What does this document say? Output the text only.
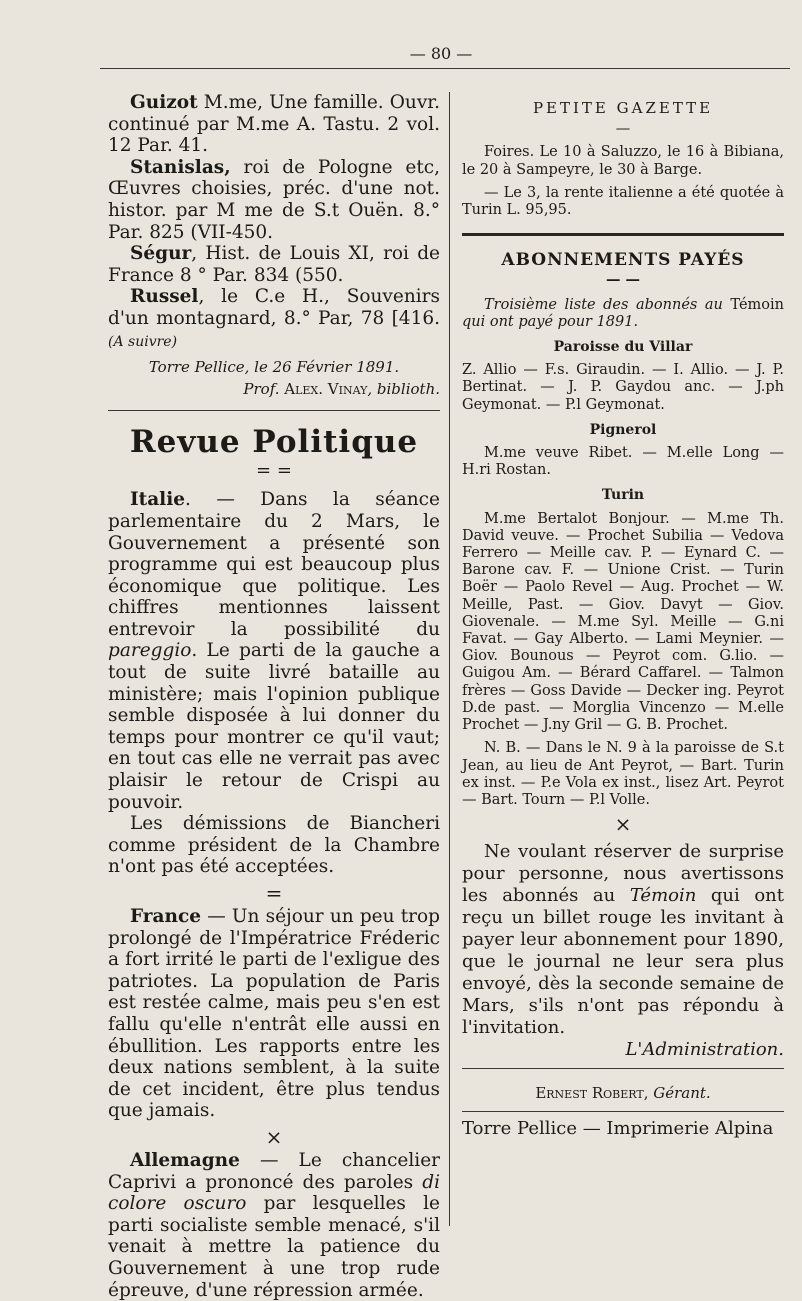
— 80 —

Guizot M.me, Une famille. Ouvr. continué par M.me A. Tastu. 2 vol. 12 Par. 41.

Stanislas, roi de Pologne etc, Œuvres choisies, préc. d'une not. histor. par M me de S.t Ouën. 8.° Par. 825 (VII-450.

Ségur, Hist. de Louis XI, roi de France 8 ° Par. 834 (550.

Russel, le C.e H., Souvenirs d'un montagnard, 8.° Par, 78 [416. (A suivre)

Torre Pellice, le 26 Février 1891.

Prof. Alex. Vinay, biblioth.

Revue Politique

= =

Italie. — Dans la séance parlementaire du 2 Mars, le Gouvernement a présenté son programme qui est beaucoup plus économique que politique. Les chiffres mentionnes laissent entrevoir la possibilité du pareggio. Le parti de la gauche a tout de suite livré bataille au ministère; mais l'opinion publique semble disposée à lui donner du temps pour montrer ce qu'il vaut; en tout cas elle ne verrait pas avec plaisir le retour de Crispi au pouvoir.

Les démissions de Biancheri comme président de la Chambre n'ont pas été acceptées.

=

France — Un séjour un peu trop prolongé de l'Impératrice Fréderic a fort irrité le parti de l'exligue des patriotes. La population de Paris est restée calme, mais peu s'en est fallu qu'elle n'entrât elle aussi en ébullition. Les rapports entre les deux nations semblent, à la suite de cet incident, être plus tendus que jamais.

×

Allemagne — Le chancelier Caprivi a prononcé des paroles di colore oscuro par lesquelles le parti socialiste semble menacé, s'il venait à mettre la patience du Gouvernement à une trop rude épreuve, d'une répression armée.

PETITE GAZETTE

—

Foires. Le 10 à Saluzzo, le 16 à Bibiana, le 20 à Sampeyre, le 30 à Barge.

— Le 3, la rente italienne a été quotée à Turin L. 95,95.

ABONNEMENTS PAYÉS

— —

Troisième liste des abonnés au Témoin qui ont payé pour 1891.

Paroisse du Villar

Z. Allio — F.s. Giraudin. — I. Allio. — J. P. Bertinat. — J. P. Gaydou anc. — J.ph Geymonat. — P.l Geymonat.

Pignerol

M.me veuve Ribet. — M.elle Long — H.ri Rostan.

Turin

M.me Bertalot Bonjour. — M.me Th. David veuve. — Prochet Subilia — Vedova Ferrero — Meille cav. P. — Eynard C. — Barone cav. F. — Unione Crist. — Turin Boër — Paolo Revel — Aug. Prochet — W. Meille, Past. — Giov. Davyt — Giov. Giovenale. — M.me Syl. Meille — G.ni Favat. — Gay Alberto. — Lami Meynier. — Giov. Bounous — Peyrot com. G.lio. — Guigou Am. — Bérard Caffarel. — Talmon frères — Goss Davide — Decker ing. Peyrot D.de past. — Morglia Vincenzo — M.elle Prochet — J.ny Gril — G. B. Prochet.

N. B. — Dans le N. 9 à la paroisse de S.t Jean, au lieu de Ant Peyrot, — Bart. Turin ex inst. — P.e Vola ex inst., lisez Art. Peyrot — Bart. Tourn — P.l Volle.

×

Ne voulant réserver de surprise pour personne, nous avertissons les abonnés au Témoin qui ont reçu un billet rouge les invitant à payer leur abonnement pour 1890, que le journal ne leur sera plus envoyé, dès la seconde semaine de Mars, s'ils n'ont pas répondu à l'invitation.

L'Administration.

Ernest Robert, Gérant.

Torre Pellice — Imprimerie Alpina
